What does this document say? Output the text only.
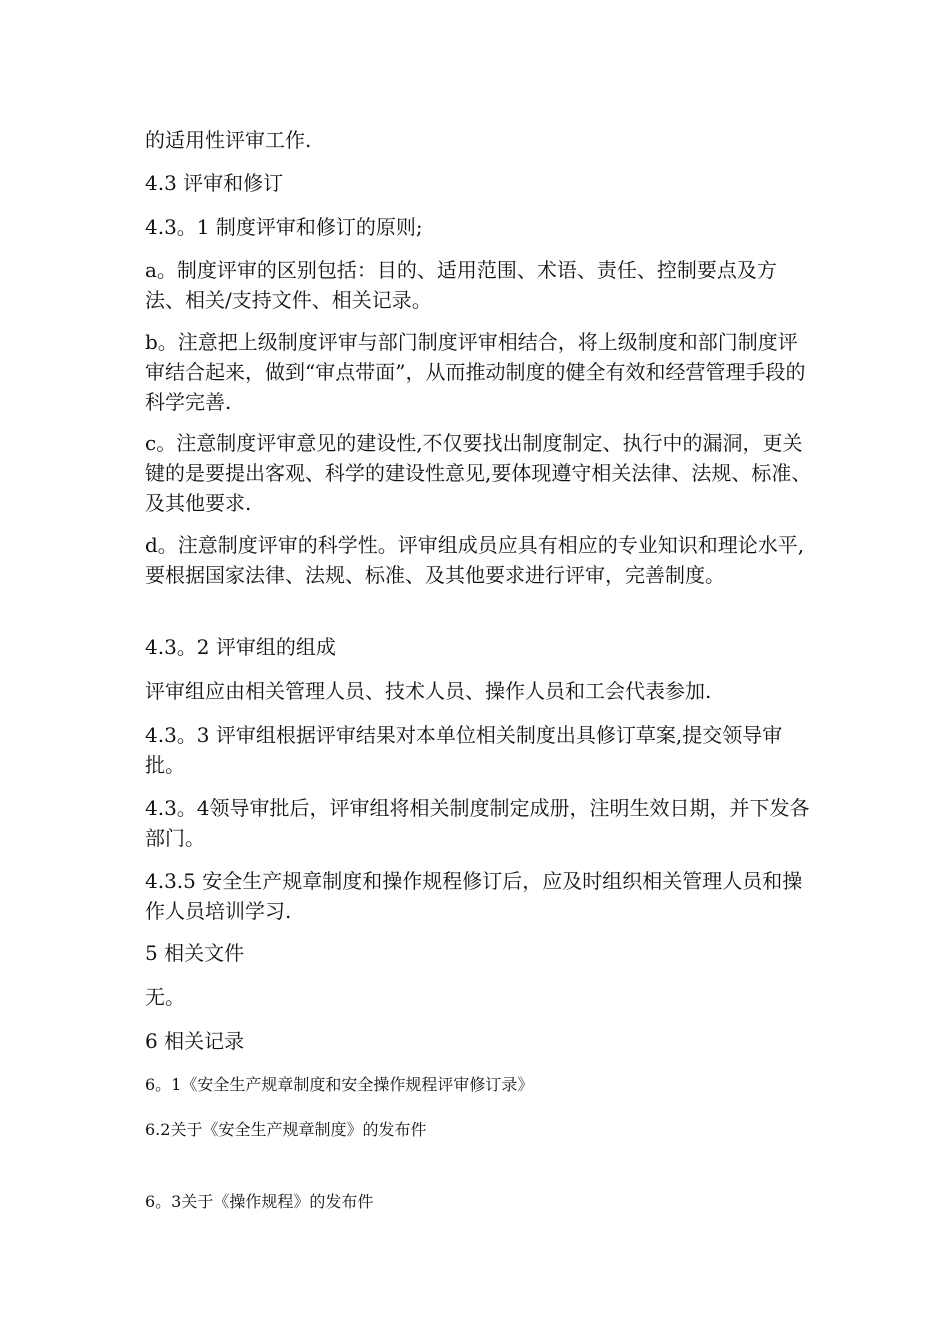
的适用性评审工作.

4.3 评审和修订

4.3。1 制度评审和修订的原则;

a。制度评审的区别包括：目的、适用范围、术语、责任、控制要点及方法、相关/支持文件、相关记录。

b。注意把上级制度评审与部门制度评审相结合，将上级制度和部门制度评审结合起来，做到“审点带面”，从而推动制度的健全有效和经营管理手段的科学完善.

c。注意制度评审意见的建设性,不仅要找出制度制定、执行中的漏洞，更关键的是要提出客观、科学的建设性意见,要体现遵守相关法律、法规、标准、及其他要求.

d。注意制度评审的科学性。评审组成员应具有相应的专业知识和理论水平,要根据国家法律、法规、标准、及其他要求进行评审，完善制度。

4.3。2 评审组的组成

评审组应由相关管理人员、技术人员、操作人员和工会代表参加.

4.3。3 评审组根据评审结果对本单位相关制度出具修订草案,提交领导审批。

4.3。4领导审批后，评审组将相关制度制定成册，注明生效日期，并下发各部门。

4.3.5 安全生产规章制度和操作规程修订后，应及时组织相关管理人员和操作人员培训学习.

5 相关文件

无。

6 相关记录

6。1《安全生产规章制度和安全操作规程评审修订录》

6.2关于《安全生产规章制度》的发布件

6。3关于《操作规程》的发布件
